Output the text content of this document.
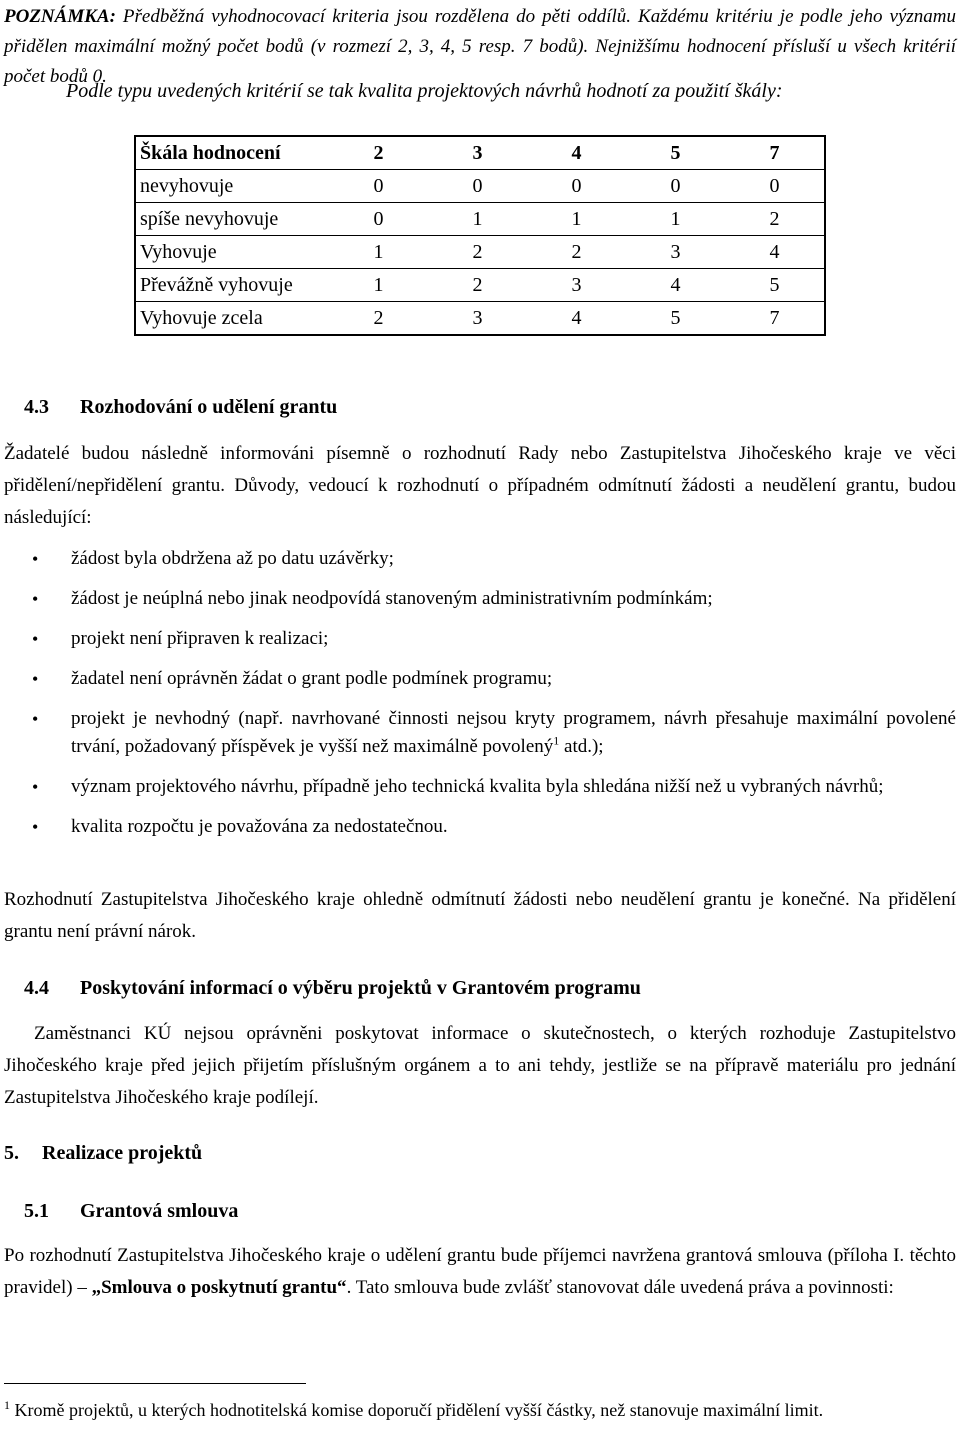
POZNÁMKA: Předběžná vyhodnocovací kriteria jsou rozdělena do pěti oddílů. Každému kritériu je podle jeho významu přidělen maximální možný počet bodů (v rozmezí 2, 3, 4, 5 resp. 7 bodů). Nejnižšímu hodnocení přísluší u všech kritérií počet bodů 0.
Podle typu uvedených kritérií se tak kvalita projektových návrhů hodnotí za použití škály:
Škála hodnocení	2	3	4	5	7
nevyhovuje	0	0	0	0	0
spíše nevyhovuje	0	1	1	1	2
Vyhovuje	1	2	2	3	4
Převážně vyhovuje	1	2	3	4	5
Vyhovuje zcela	2	3	4	5	7
4.3 Rozhodování o udělení grantu
Žadatelé budou následně informováni písemně o rozhodnutí Rady nebo Zastupitelstva Jihočeského kraje ve věci přidělení/nepřidělení grantu. Důvody, vedoucí k rozhodnutí o případném odmítnutí žádosti a neudělení grantu, budou následující:
• žádost byla obdržena až po datu uzávěrky;
• žádost je neúplná nebo jinak neodpovídá stanoveným administrativním podmínkám;
• projekt není připraven k realizaci;
• žadatel není oprávněn žádat o grant podle podmínek programu;
• projekt je nevhodný (např. navrhované činnosti nejsou kryty programem, návrh přesahuje maximální povolené trvání, požadovaný příspěvek je vyšší než maximálně povolený$^1$ atd.);
• význam projektového návrhu, případně jeho technická kvalita byla shledána nižší než u vybraných návrhů;
• kvalita rozpočtu je považována za nedostatečnou.
Rozhodnutí Zastupitelstva Jihočeského kraje ohledně odmítnutí žádosti nebo neudělení grantu je konečné. Na přidělení grantu není právní nárok.
4.4 Poskytování informací o výběru projektů v Grantovém programu
Zaměstnanci KÚ nejsou oprávněni poskytovat informace o skutečnostech, o kterých rozhoduje Zastupitelstvo Jihočeského kraje před jejich přijetím příslušným orgánem a to ani tehdy, jestliže se na přípravě materiálu pro jednání Zastupitelstva Jihočeského kraje podílejí.
5. Realizace projektů
5.1 Grantová smlouva
Po rozhodnutí Zastupitelstva Jihočeského kraje o udělení grantu bude příjemci navržena grantová smlouva (příloha I. těchto pravidel) – „Smlouva o poskytnutí grantu“. Tato smlouva bude zvlášť stanovovat dále uvedená práva a povinnosti:
$^1$ Kromě projektů, u kterých hodnotitelská komise doporučí přidělení vyšší částky, než stanovuje maximální limit.
